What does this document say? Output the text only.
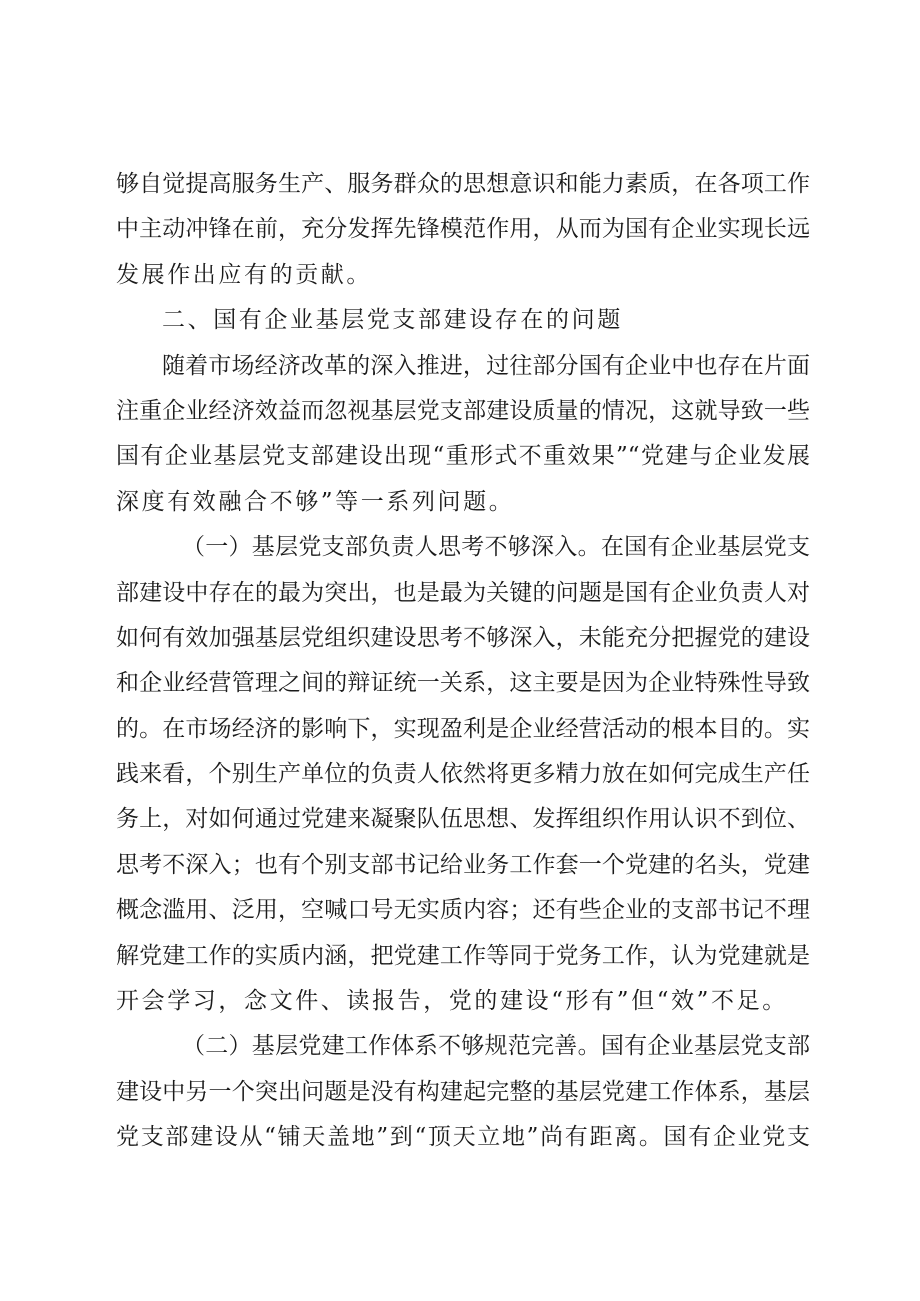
够自觉提高服务生产、服务群众的思想意识和能力素质，在各项工作
中主动冲锋在前，充分发挥先锋模范作用，从而为国有企业实现长远
发展作出应有的贡献。
二、国有企业基层党支部建设存在的问题
随着市场经济改革的深入推进，过往部分国有企业中也存在片面
注重企业经济效益而忽视基层党支部建设质量的情况，这就导致一些
国有企业基层党支部建设出现“重形式不重效果”“党建与企业发展
深度有效融合不够”等一系列问题。
（一）基层党支部负责人思考不够深入。在国有企业基层党支
部建设中存在的最为突出，也是最为关键的问题是国有企业负责人对
如何有效加强基层党组织建设思考不够深入，未能充分把握党的建设
和企业经营管理之间的辩证统一关系，这主要是因为企业特殊性导致
的。在市场经济的影响下，实现盈利是企业经营活动的根本目的。实
践来看，个别生产单位的负责人依然将更多精力放在如何完成生产任
务上，对如何通过党建来凝聚队伍思想、发挥组织作用认识不到位、
思考不深入；也有个别支部书记给业务工作套一个党建的名头，党建
概念滥用、泛用，空喊口号无实质内容；还有些企业的支部书记不理
解党建工作的实质内涵，把党建工作等同于党务工作，认为党建就是
开会学习，念文件、读报告，党的建设“形有”但“效”不足。
（二）基层党建工作体系不够规范完善。国有企业基层党支部
建设中另一个突出问题是没有构建起完整的基层党建工作体系，基层
党支部建设从“铺天盖地”到“顶天立地”尚有距离。国有企业党支
